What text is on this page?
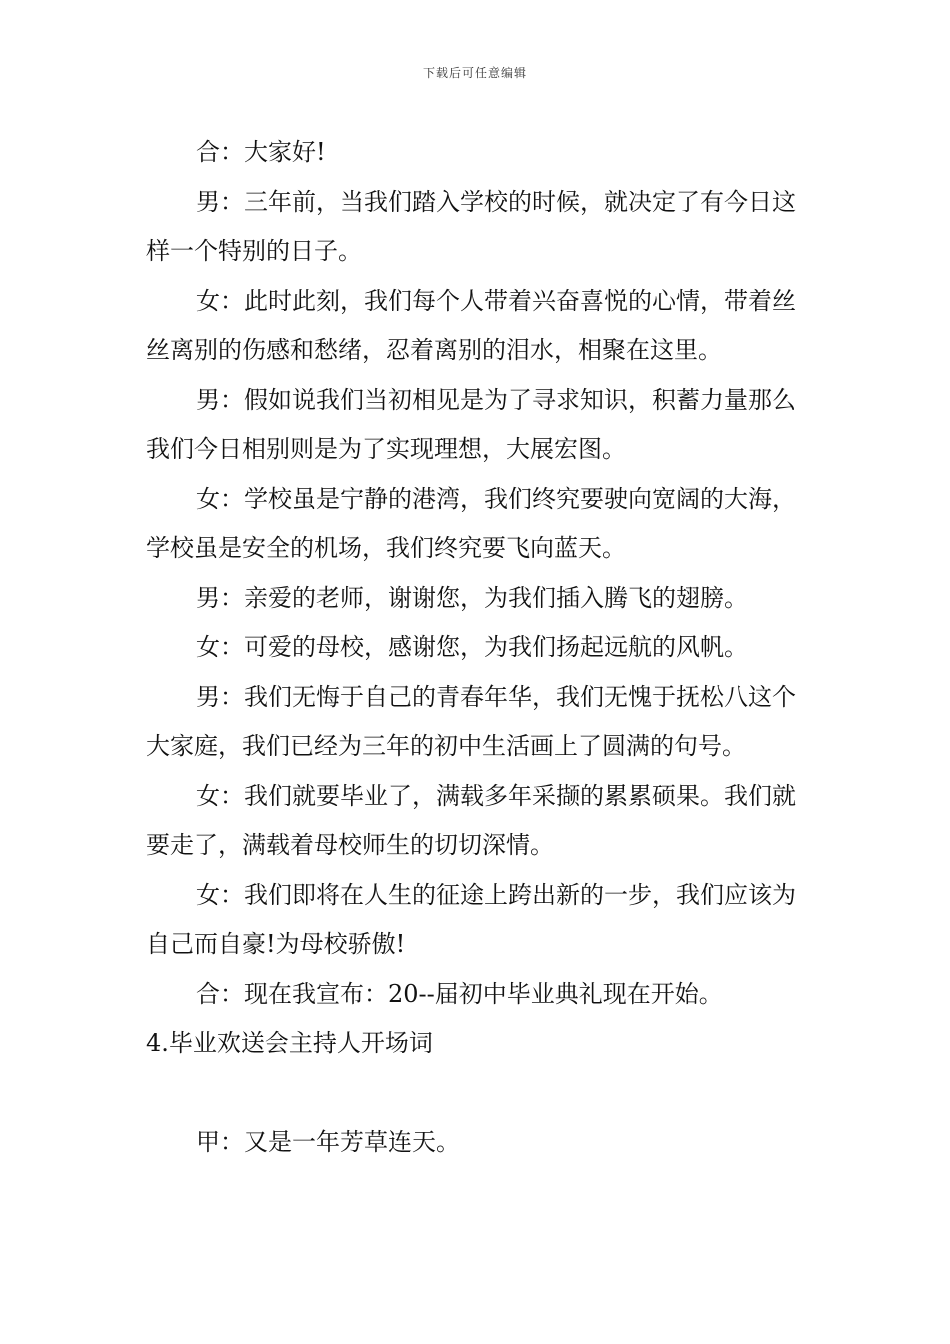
下载后可任意编辑

合：大家好!

男：三年前，当我们踏入学校的时候，就决定了有今日这样一个特别的日子。

女：此时此刻，我们每个人带着兴奋喜悦的心情，带着丝丝离别的伤感和愁绪，忍着离别的泪水，相聚在这里。

男：假如说我们当初相见是为了寻求知识，积蓄力量那么我们今日相别则是为了实现理想，大展宏图。

女：学校虽是宁静的港湾，我们终究要驶向宽阔的大海，学校虽是安全的机场，我们终究要飞向蓝天。

男：亲爱的老师，谢谢您，为我们插入腾飞的翅膀。

女：可爱的母校，感谢您，为我们扬起远航的风帆。

男：我们无悔于自己的青春年华，我们无愧于抚松八这个大家庭，我们已经为三年的初中生活画上了圆满的句号。

女：我们就要毕业了，满载多年采撷的累累硕果。我们就要走了，满载着母校师生的切切深情。

女：我们即将在人生的征途上跨出新的一步，我们应该为自己而自豪!为母校骄傲!

合：现在我宣布：20--届初中毕业典礼现在开始。

4.毕业欢送会主持人开场词

甲：又是一年芳草连天。
